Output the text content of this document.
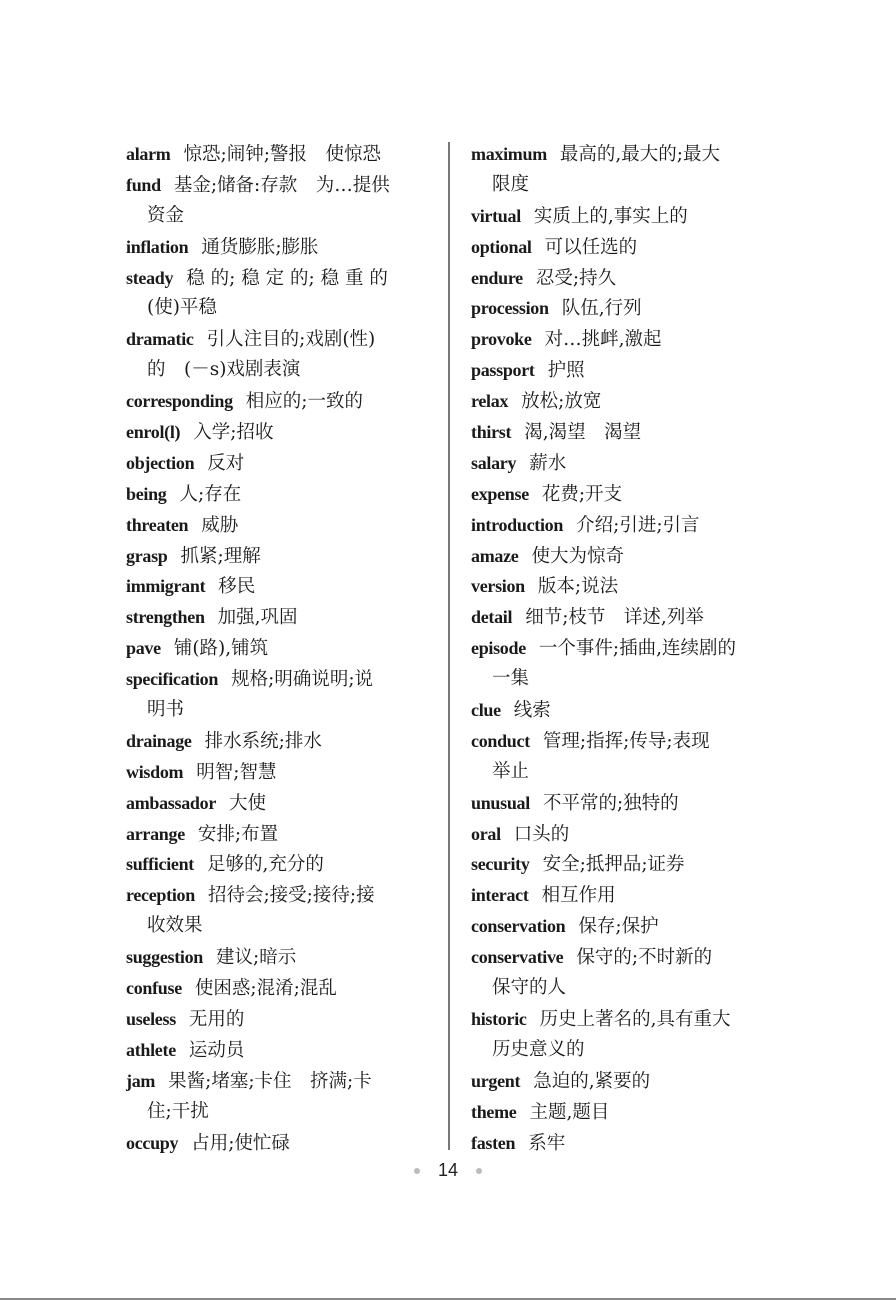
alarm 惊恐;闹钟;警报　使惊恐
fund 基金;储备:存款　为…提供
资金
inflation 通货膨胀;膨胀
steady 稳 的; 稳 定 的; 稳 重 的
(使)平稳
dramatic 引人注目的;戏剧(性)
的　(－s)戏剧表演
corresponding 相应的;一致的
enrol(l) 入学;招收
objection 反对
being 人;存在
threaten 威胁
grasp 抓紧;理解
immigrant 移民
strengthen 加强,巩固
pave 铺(路),铺筑
specification 规格;明确说明;说
明书
drainage 排水系统;排水
wisdom 明智;智慧
ambassador 大使
arrange 安排;布置
sufficient 足够的,充分的
reception 招待会;接受;接待;接
收效果
suggestion 建议;暗示
confuse 使困惑;混淆;混乱
useless 无用的
athlete 运动员
jam 果酱;堵塞;卡住　挤满;卡
住;干扰
occupy 占用;使忙碌
maximum 最高的,最大的;最大
限度
virtual 实质上的,事实上的
optional 可以任选的
endure 忍受;持久
procession 队伍,行列
provoke 对…挑衅,激起
passport 护照
relax 放松;放宽
thirst 渴,渴望　渴望
salary 薪水
expense 花费;开支
introduction 介绍;引进;引言
amaze 使大为惊奇
version 版本;说法
detail 细节;枝节　详述,列举
episode 一个事件;插曲,连续剧的
一集
clue 线索
conduct 管理;指挥;传导;表现
举止
unusual 不平常的;独特的
oral 口头的
security 安全;抵押品;证券
interact 相互作用
conservation 保存;保护
conservative 保守的;不时新的
保守的人
historic 历史上著名的,具有重大
历史意义的
urgent 急迫的,紧要的
theme 主题,题目
fasten 系牢
14
